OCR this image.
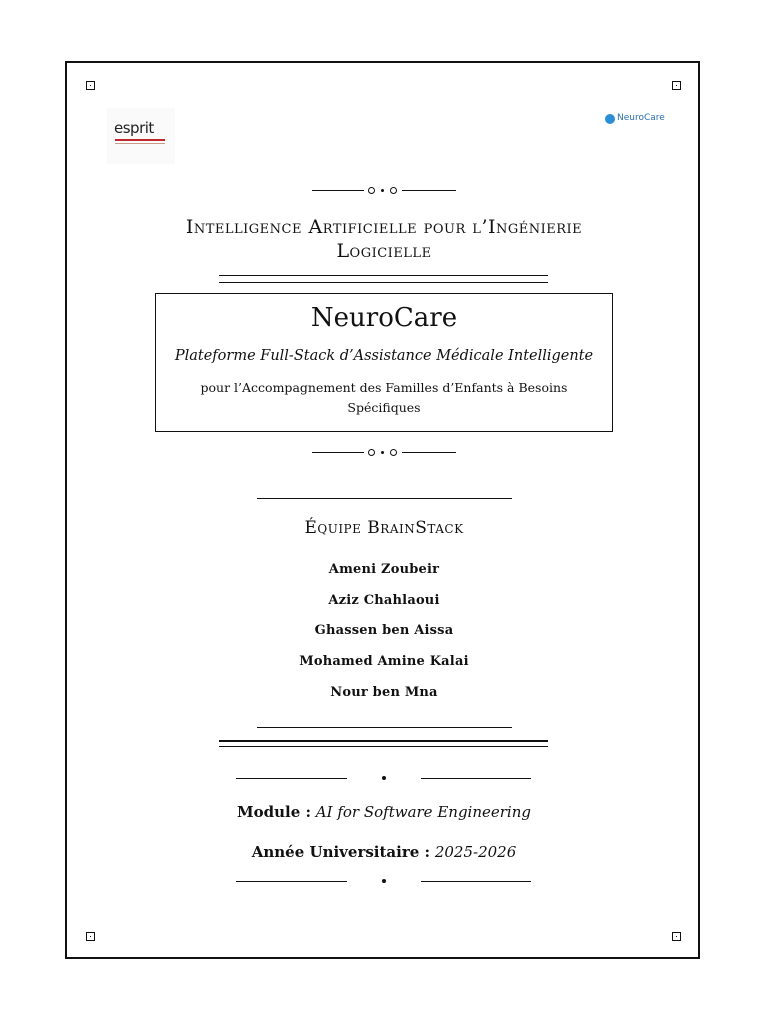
esprit
NeuroCare
Intelligence Artificielle pour l’Ingénierie
Logicielle
NeuroCare
Plateforme Full-Stack d’Assistance Médicale Intelligente
pour l’Accompagnement des Familles d’Enfants à Besoins Spécifiques
Équipe BrainStack
Ameni Zoubeir
Aziz Chahlaoui
Ghassen ben Aissa
Mohamed Amine Kalai
Nour ben Mna
Module : AI for Software Engineering
Année Universitaire : 2025-2026
